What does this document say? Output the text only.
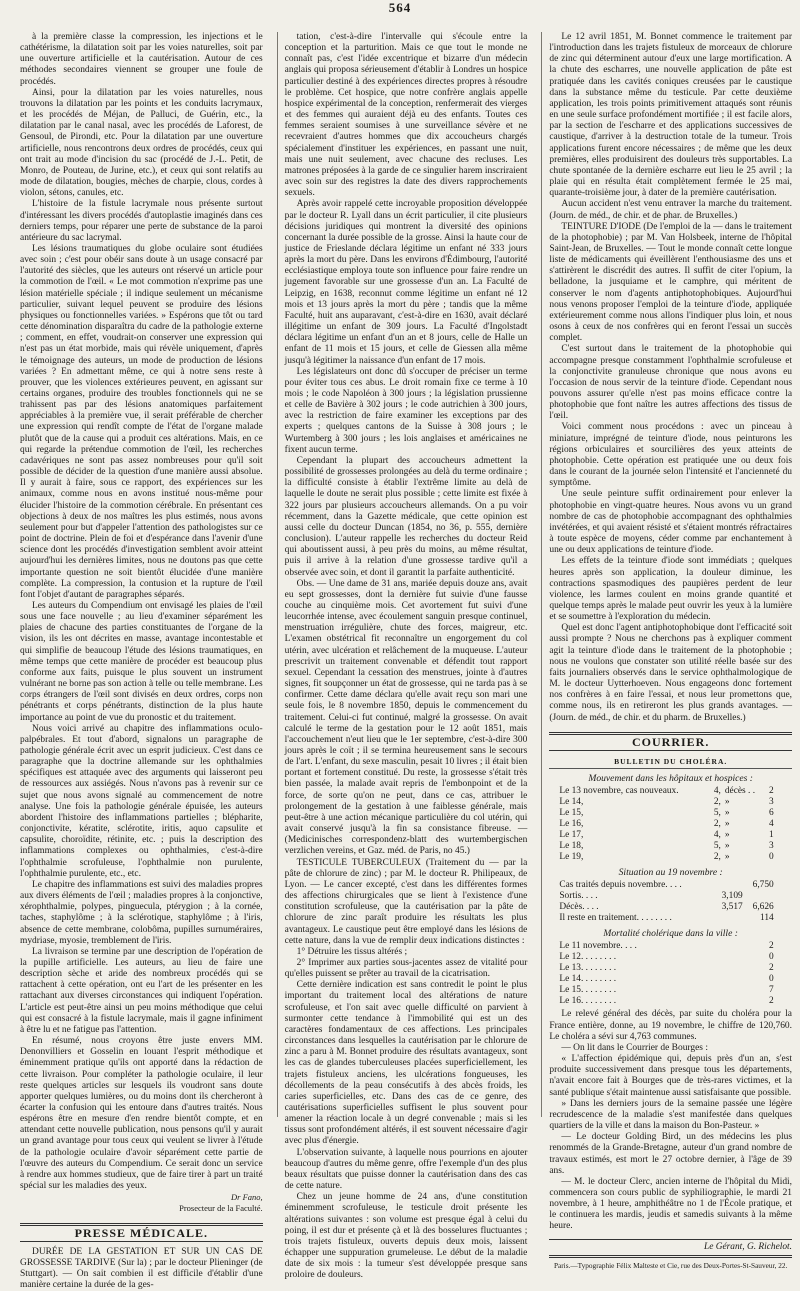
564

à la première classe la compression, les injections et le cathétérisme, la dilatation soit par les voies naturelles, soit par une ouverture artificielle et la cautérisation. Autour de ces méthodes secondaires viennent se grouper une foule de procédés.

Ainsi, pour la dilatation par les voies naturelles, nous trouvons la dilatation par les points et les conduits lacrymaux, et les procédés de Méjan, de Palluci, de Guérin, etc., la dilatation par le canal nasal, avec les procédés de Laforest, de Gensoul, de Pirondi, etc. Pour la dilatation par une ouverture artificielle, nous rencontrons deux ordres de procédés, ceux qui ont trait au mode d'incision du sac (procédé de J.-L. Petit, de Monro, de Pouteau, de Jurine, etc.), et ceux qui sont relatifs au mode de dilatation, bougies, mèches de charpie, clous, cordes à violon, sétons, canules, etc.

L'histoire de la fistule lacrymale nous présente surtout d'intéressant les divers procédés d'autoplastie imaginés dans ces derniers temps, pour réparer une perte de substance de la paroi antérieure du sac lacrymal.

Les lésions traumatiques du globe oculaire sont étudiées avec soin ; c'est pour obéir sans doute à un usage consacré par l'autorité des siècles, que les auteurs ont réservé un article pour la commotion de l'œil. « Le mot commotion n'exprime pas une lésion matérielle spéciale ; il indique seulement un mécanisme particulier, suivant lequel peuvent se produire des lésions physiques ou fonctionnelles variées. » Espérons que tôt ou tard cette dénomination disparaîtra du cadre de la pathologie externe ; comment, en effet, voudrait-on conserver une expression qui n'est pas un état morbide, mais qui révèle uniquement, d'après le témoignage des auteurs, un mode de production de lésions variées ? En admettant même, ce qui à notre sens reste à prouver, que les violences extérieures peuvent, en agissant sur certains organes, produire des troubles fonctionnels qui ne se trahissent pas par des lésions anatomiques parfaitement appréciables à la première vue, il serait préférable de chercher une expression qui rendît compte de l'état de l'organe malade plutôt que de la cause qui a produit ces altérations. Mais, en ce qui regarde la prétendue commotion de l'œil, les recherches cadavériques ne sont pas assez nombreuses pour qu'il soit possible de décider de la question d'une manière aussi absolue. Il y aurait à faire, sous ce rapport, des expériences sur les animaux, comme nous en avons institué nous-même pour élucider l'histoire de la commotion cérébrale. En présentant ces objections à deux de nos maîtres les plus estimés, nous avons seulement pour but d'appeler l'attention des pathologistes sur ce point de doctrine. Plein de foi et d'espérance dans l'avenir d'une science dont les procédés d'investigation semblent avoir atteint aujourd'hui les dernières limites, nous ne doutons pas que cette importante question ne soit bientôt élucidée d'une manière complète. La compression, la contusion et la rupture de l'œil font l'objet d'autant de paragraphes séparés.

Les auteurs du Compendium ont envisagé les plaies de l'œil sous une face nouvelle ; au lieu d'examiner séparément les plaies de chacune des parties constituantes de l'organe de la vision, ils les ont décrites en masse, avantage incontestable et qui simplifie de beaucoup l'étude des lésions traumatiques, en même temps que cette manière de procéder est beaucoup plus conforme aux faits, puisque le plus souvent un instrument vulnérant ne borne pas son action à telle ou telle membrane. Les corps étrangers de l'œil sont divisés en deux ordres, corps non pénétrants et corps pénétrants, distinction de la plus haute importance au point de vue du pronostic et du traitement.

Nous voici arrivé au chapitre des inflammations oculo-palpébrales. Et tout d'abord, signalons un paragraphe de pathologie générale écrit avec un esprit judicieux. C'est dans ce paragraphe que la doctrine allemande sur les ophthalmies spécifiques est attaquée avec des arguments qui laisseront peu de ressources aux assiégés. Nous n'avons pas à revenir sur ce sujet que nous avons signalé au commencement de notre analyse. Une fois la pathologie générale épuisée, les auteurs abordent l'histoire des inflammations partielles ; blépharite, conjonctivite, kératite, sclérotite, iritis, aquo capsulite et capsulite, choroïdite, rétinite, etc. ; puis la description des inflammations complexes ou ophthalmies, c'est-à-dire l'ophthalmie scrofuleuse, l'ophthalmie non purulente, l'ophthalmie purulente, etc., etc.

Le chapitre des inflammations est suivi des maladies propres aux divers éléments de l'œil ; maladies propres à la conjonctive, xérophthalmie, polypes, pinguecula, ptérygion ; à la cornée, taches, staphylôme ; à la sclérotique, staphylôme ; à l'iris, absence de cette membrane, colobôma, pupilles surnuméraires, mydriase, myosie, tremblement de l'iris.

La livraison se termine par une description de l'opération de la pupille artificielle. Les auteurs, au lieu de faire une description sèche et aride des nombreux procédés qui se rattachent à cette opération, ont eu l'art de les présenter en les rattachant aux diverses circonstances qui indiquent l'opération. L'article est peut-être ainsi un peu moins méthodique que celui qui est consacré à la fistule lacrymale, mais il gagne infiniment à être lu et ne fatigue pas l'attention.

En résumé, nous croyons être juste envers MM. Denonvilliers et Gosselin en louant l'esprit méthodique et éminemment pratique qu'ils ont apporté dans la rédaction de cette livraison. Pour compléter la pathologie oculaire, il leur reste quelques articles sur lesquels ils voudront sans doute apporter quelques lumières, ou du moins dont ils chercheront à écarter la confusion qui les entoure dans d'autres traités. Nous espérons être en mesure d'en rendre bientôt compte, et en attendant cette nouvelle publication, nous pensons qu'il y aurait un grand avantage pour tous ceux qui veulent se livrer à l'étude de la pathologie oculaire d'avoir séparément cette partie de l'œuvre des auteurs du Compendium. Ce serait donc un service à rendre aux hommes studieux, que de faire tirer à part un traité spécial sur les maladies des yeux.

Dr Fano,
Prosecteur de la Faculté.

PRESSE MÉDICALE.

DURÉE DE LA GESTATION ET SUR UN CAS DE GROSSESSE TARDIVE (Sur la) ; par le docteur Plieninger (de Stuttgart). — On sait combien il est difficile d'établir d'une manière certaine la durée de la ges-

tation, c'est-à-dire l'intervalle qui s'écoule entre la conception et la parturition. Mais ce que tout le monde ne connaît pas, c'est l'idée excentrique et bizarre d'un médecin anglais qui proposa sérieusement d'établir à Londres un hospice particulier destiné à des expériences directes propres à résoudre le problème. Cet hospice, que notre confrère anglais appelle hospice expérimental de la conception, renfermerait des vierges et des femmes qui auraient déjà eu des enfants. Toutes ces femmes seraient soumises à une surveillance sévère et ne recevraient d'autres hommes que dix accoucheurs chargés spécialement d'instituer les expériences, en passant une nuit, mais une nuit seulement, avec chacune des recluses. Les matrones préposées à la garde de ce singulier harem inscriraient avec soin sur des registres la date des divers rapprochements sexuels.

Après avoir rappelé cette incroyable proposition développée par le docteur R. Lyall dans un écrit particulier, il cite plusieurs décisions juridiques qui montrent la diversité des opinions concernant la durée possible de la grosse. Ainsi la haute cour de justice de Frieslande déclara légitime un enfant né 333 jours après la mort du père. Dans les environs d'Édimbourg, l'autorité ecclésiastique employa toute son influence pour faire rendre un jugement favorable sur une grossesse d'un an. La Faculté de Leipzig, en 1638, reconnut comme légitime un enfant né 12 mois et 13 jours après la mort du père ; tandis que la même Faculté, huit ans auparavant, c'est-à-dire en 1630, avait déclaré illégitime un enfant de 309 jours. La Faculté d'Ingolstadt déclara légitime un enfant d'un an et 8 jours, celle de Halle un enfant de 11 mois et 15 jours, et celle de Giessen alla même jusqu'à légitimer la naissance d'un enfant de 17 mois.

Les législateurs ont donc dû s'occuper de préciser un terme pour éviter tous ces abus. Le droit romain fixe ce terme à 10 mois ; le code Napoléon à 300 jours ; la législation prussienne et celle de Bavière à 302 jours ; le code autrichien à 300 jours, avec la restriction de faire examiner les exceptions par des experts ; quelques cantons de la Suisse à 308 jours ; le Wurtemberg à 300 jours ; les lois anglaises et américaines ne fixent aucun terme.

Cependant la plupart des accoucheurs admettent la possibilité de grossesses prolongées au delà du terme ordinaire ; la difficulté consiste à établir l'extrême limite au delà de laquelle le doute ne serait plus possible ; cette limite est fixée à 322 jours par plusieurs accoucheurs allemands. On a pu voir récemment, dans la Gazette médicale, que cette opinion est aussi celle du docteur Duncan (1854, no 36, p. 555, dernière conclusion). L'auteur rappelle les recherches du docteur Reid qui aboutissent aussi, à peu près du moins, au même résultat, puis il arrive à la relation d'une grossesse tardive qu'il a observée avec soin, et dont il garantit la parfaite authenticité.

Obs. — Une dame de 31 ans, mariée depuis douze ans, avait eu sept grossesses, dont la dernière fut suivie d'une fausse couche au cinquième mois. Cet avortement fut suivi d'une leucorrhée intense, avec écoulement sanguin presque continuel, menstruation irrégulière, chute des forces, maigreur, etc. L'examen obstétrical fit reconnaître un engorgement du col utérin, avec ulcération et relâchement de la muqueuse. L'auteur prescrivit un traitement convenable et défendit tout rapport sexuel. Cependant la cessation des menstrues, jointe à d'autres signes, fit soupçonner un état de grossesse, qui ne tarda pas à se confirmer. Cette dame déclara qu'elle avait reçu son mari une seule fois, le 8 novembre 1850, depuis le commencement du traitement. Celui-ci fut continué, malgré la grossesse. On avait calculé le terme de la gestation pour le 12 août 1851, mais l'accouchement n'eut lieu que le 1er septembre, c'est-à-dire 300 jours après le coït ; il se termina heureusement sans le secours de l'art. L'enfant, du sexe masculin, pesait 10 livres ; il était bien portant et fortement constitué. Du reste, la grossesse s'était très bien passée, la malade avait repris de l'embonpoint et de la force, de sorte qu'on ne peut, dans ce cas, attribuer le prolongement de la gestation à une faiblesse générale, mais peut-être à une action mécanique particulière du col utérin, qui avait conservé jusqu'à la fin sa consistance fibreuse. — (Medicinisches correspondenz-blatt des wurtembergischen verzlichen vereins, et Gaz. méd. de Paris, no 45.)

TESTICULE TUBERCULEUX (Traitement du — par la pâte de chlorure de zinc) ; par M. le docteur R. Philipeaux, de Lyon. — Le cancer excepté, c'est dans les différentes formes des affections chirurgicales que se lient à l'existence d'une constitution scrofuleuse, que la cautérisation par la pâte de chlorure de zinc paraît produire les résultats les plus avantageux. Le caustique peut être employé dans les lésions de cette nature, dans la vue de remplir deux indications distinctes :

1° Détruire les tissus altérés ;

2° Imprimer aux parties sous-jacentes assez de vitalité pour qu'elles puissent se prêter au travail de la cicatrisation.

Cette dernière indication est sans contredit le point le plus important du traitement local des altérations de nature scrofuleuse, et l'on sait avec quelle difficulté on parvient à surmonter cette tendance à l'immobilité qui est un des caractères fondamentaux de ces affections. Les principales circonstances dans lesquelles la cautérisation par le chlorure de zinc a paru à M. Bonnet produire des résultats avantageux, sont les cas de glandes tuberculeuses placées superficiellement, les trajets fistuleux anciens, les ulcérations fongueuses, les décollements de la peau consécutifs à des abcès froids, les caries superficielles, etc. Dans des cas de ce genre, des cautérisations superficielles suffisent le plus souvent pour amener la réaction locale à un degré convenable ; mais si les tissus sont profondément altérés, il est souvent nécessaire d'agir avec plus d'énergie.

L'observation suivante, à laquelle nous pourrions en ajouter beaucoup d'autres du même genre, offre l'exemple d'un des plus beaux résultats que puisse donner la cautérisation dans des cas de cette nature.

Chez un jeune homme de 24 ans, d'une constitution éminemment scrofuleuse, le testicule droit présente les altérations suivantes : son volume est presque égal à celui du poing, il est dur et présente çà et là des bosselures fluctuantes ; trois trajets fistuleux, ouverts depuis deux mois, laissent échapper une suppuration grumeleuse. Le début de la maladie date de six mois : la tumeur s'est développée presque sans proloire de douleurs.

Le 12 avril 1851, M. Bonnet commence le traitement par l'introduction dans les trajets fistuleux de morceaux de chlorure de zinc qui déterminent autour d'eux une large mortification. A la chute des escharres, une nouvelle application de pâte est pratiquée dans les cavités coniques creusées par le caustique dans la substance même du testicule. Par cette deuxième application, les trois points primitivement attaqués sont réunis en une seule surface profondément mortifiée ; il est facile alors, par la section de l'escharre et des applications successives de caustique, d'arriver à la destruction totale de la tumeur. Trois applications furent encore nécessaires ; de même que les deux premières, elles produisirent des douleurs très supportables. La chute spontanée de la dernière escharre eut lieu le 25 avril ; la plaie qui en résulta était complètement fermée le 25 mai, quarante-troisième jour, à dater de la première cautérisation.

Aucun accident n'est venu entraver la marche du traitement. (Journ. de méd., de chir. et de phar. de Bruxelles.)

TEINTURE D'IODE (De l'emploi de la — dans le traitement de la photophobie) ; par M. Van Holsbeek, interne de l'hôpital Saint-Jean, de Bruxelles. — Tout le monde connaît cette longue liste de médicaments qui éveillèrent l'enthousiasme des uns et s'attirèrent le discrédit des autres. Il suffit de citer l'opium, la belladone, la jusquiame et le camphre, qui méritent de conserver le nom d'agents antiphotophobiques. Aujourd'hui nous venons proposer l'emploi de la teinture d'iode, appliquée extérieurement comme nous allons l'indiquer plus loin, et nous osons à ceux de nos confrères qui en feront l'essai un succès complet.

C'est surtout dans le traitement de la photophobie qui accompagne presque constamment l'ophthalmie scrofuleuse et la conjonctivite granuleuse chronique que nous avons eu l'occasion de nous servir de la teinture d'iode. Cependant nous pouvons assurer qu'elle n'est pas moins efficace contre la photophobie que font naître les autres affections des tissus de l'œil.

Voici comment nous procédons : avec un pinceau à miniature, imprégné de teinture d'iode, nous peinturons les régions orbiculaires et sourcilières des yeux atteints de photophobie. Cette opération est pratiquée une ou deux fois dans le courant de la journée selon l'intensité et l'ancienneté du symptôme.

Une seule peinture suffit ordinairement pour enlever la photophobie en vingt-quatre heures. Nous avons vu un grand nombre de cas de photophobie accompagnant des ophthalmies invétérées, et qui avaient résisté et s'étaient montrés réfractaires à toute espèce de moyens, céder comme par enchantement à une ou deux applications de teinture d'iode.

Les effets de la teinture d'iode sont immédiats ; quelques heures après son application, la douleur diminue, les contractions spasmodiques des paupières perdent de leur violence, les larmes coulent en moins grande quantité et quelque temps après le malade peut ouvrir les yeux à la lumière et se soumettre à l'exploration du médecin.

Quel est donc l'agent antiphotophobique dont l'efficacité soit aussi prompte ? Nous ne cherchons pas à expliquer comment agit la teinture d'iode dans le traitement de la photophobie ; nous ne voulons que constater son utilité réelle basée sur des faits journaliers observés dans le service ophthalmologique de M. le docteur Uytterhoeven. Nous engageons donc fortement nos confrères à en faire l'essai, et nous leur promettons que, comme nous, ils en retireront les plus grands avantages. — (Journ. de méd., de chir. et du pharm. de Bruxelles.)

COURRIER.
BULLETIN DU CHOLÉRA.
Mouvement dans les hôpitaux et hospices :
Le 13 novembre, cas nouveaux.	4,	décès . .	2
Le 14,	2,	»	3
Le 15,	5,	»	6
Le 16,	2,	»	4
Le 17,	4,	»	1
Le 18,	5,	»	3
Le 19,	2,	»	0
Situation au 19 novembre :
Cas traités depuis novembre. . . .		6,750
Sortis. . . .	3,109	
Décès. . . .	3,517	6,626
Il reste en traitement. . . . . . . .		114
Mortalité cholérique dans la ville :
Le 11 novembre. . . .	2
Le 12. . . . . . . .	0
Le 13. . . . . . . .	2
Le 14. . . . . . . .	0
Le 15. . . . . . . .	7
Le 16. . . . . . . .	2

Le relevé général des décès, par suite du choléra pour la France entière, donne, au 19 novembre, le chiffre de 120,760. Le choléra a sévi sur 4,763 communes.

— On lit dans le Courrier de Bourges :

« L'affection épidémique qui, depuis près d'un an, s'est produite successivement dans presque tous les départements, n'avait encore fait à Bourges que de très-rares victimes, et la santé publique s'était maintenue aussi satisfaisante que possible.

» Dans les derniers jours de la semaine passée une légère recrudescence de la maladie s'est manifestée dans quelques quartiers de la ville et dans la maison du Bon-Pasteur. »

— Le docteur Golding Bird, un des médecins les plus renommés de la Grande-Bretagne, auteur d'un grand nombre de travaux estimés, est mort le 27 octobre dernier, à l'âge de 39 ans.

— M. le docteur Clerc, ancien interne de l'hôpital du Midi, commencera son cours public de syphiliographie, le mardi 21 novembre, à 1 heure, amphithéâtre no 1 de l'École pratique, et le continuera les mardis, jeudis et samedis suivants à la même heure.

Le Gérant, G. Richelot.
Paris.—Typographie Félix Malteste et Cie, rue des Deux-Portes-St-Sauveur, 22.
